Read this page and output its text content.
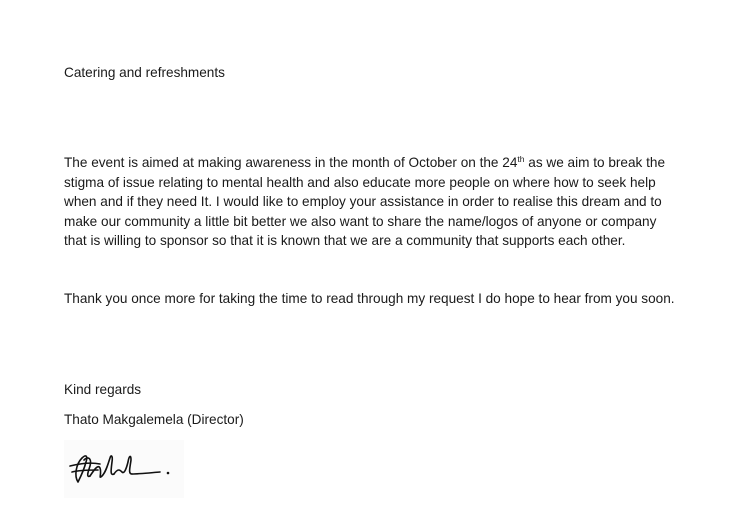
Catering and refreshments
The event is aimed at making awareness in the month of October on the 24th as we aim to break the
stigma of issue relating to mental health and also educate more people on where how to seek help
when and if they need It. I would like to employ your assistance in order to realise this dream and to
make our community a little bit better we also want to share the name/logos of anyone or company
that is willing to sponsor so that it is known that we are a community that supports each other.
Thank you once more for taking the time to read through my request I do hope to hear from you soon.
Kind regards
Thato Makgalemela (Director)
